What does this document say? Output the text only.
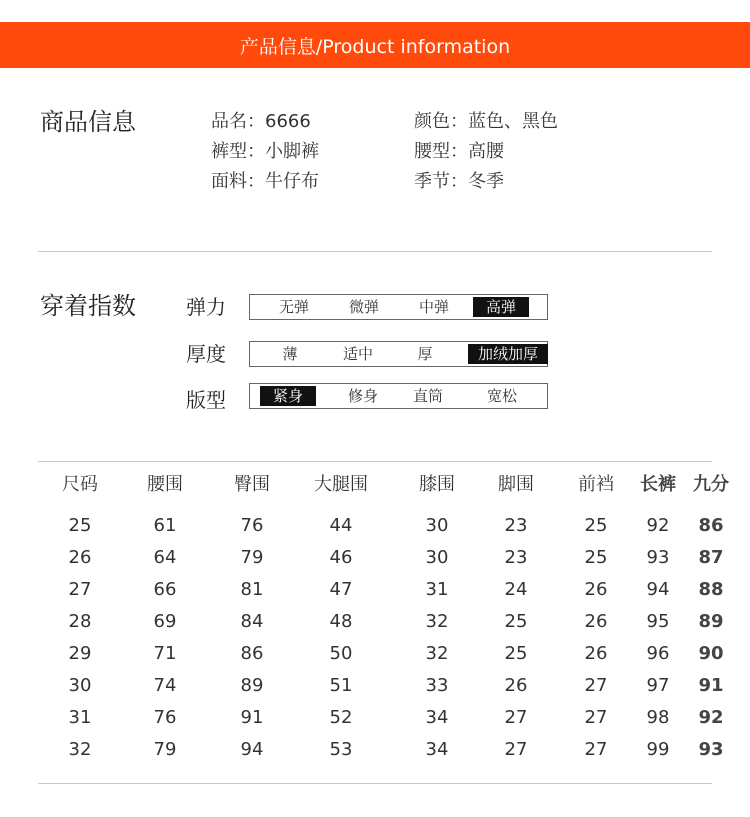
产品信息/Product information
商品信息	品名：6666	颜色：蓝色、黑色
裤型：小脚裤	腰型：高腰
面料：牛仔布	季节：冬季
穿着指数	弹力	无弹	微弹	中弹	高弹
厚度	薄	适中	厚	加绒加厚
版型	紧身	修身	直筒	宽松
尺码	腰围	臀围 大腿围	膝围 脚围 前裆 长裤 九分
25	61	76	44	30	23	25 92 86
26	64	79	46	30	23	25 93 87
27	66	81	47	31	24	26 94 88
28	69	84	48	32	25	26 95 89
29	71	86	50	32	25	26 96 90
30	74	89	51	33	26	27 97 91
31	76	91	52	34	27	27 98 92
32	79	94	53	34	27	27 99 93
